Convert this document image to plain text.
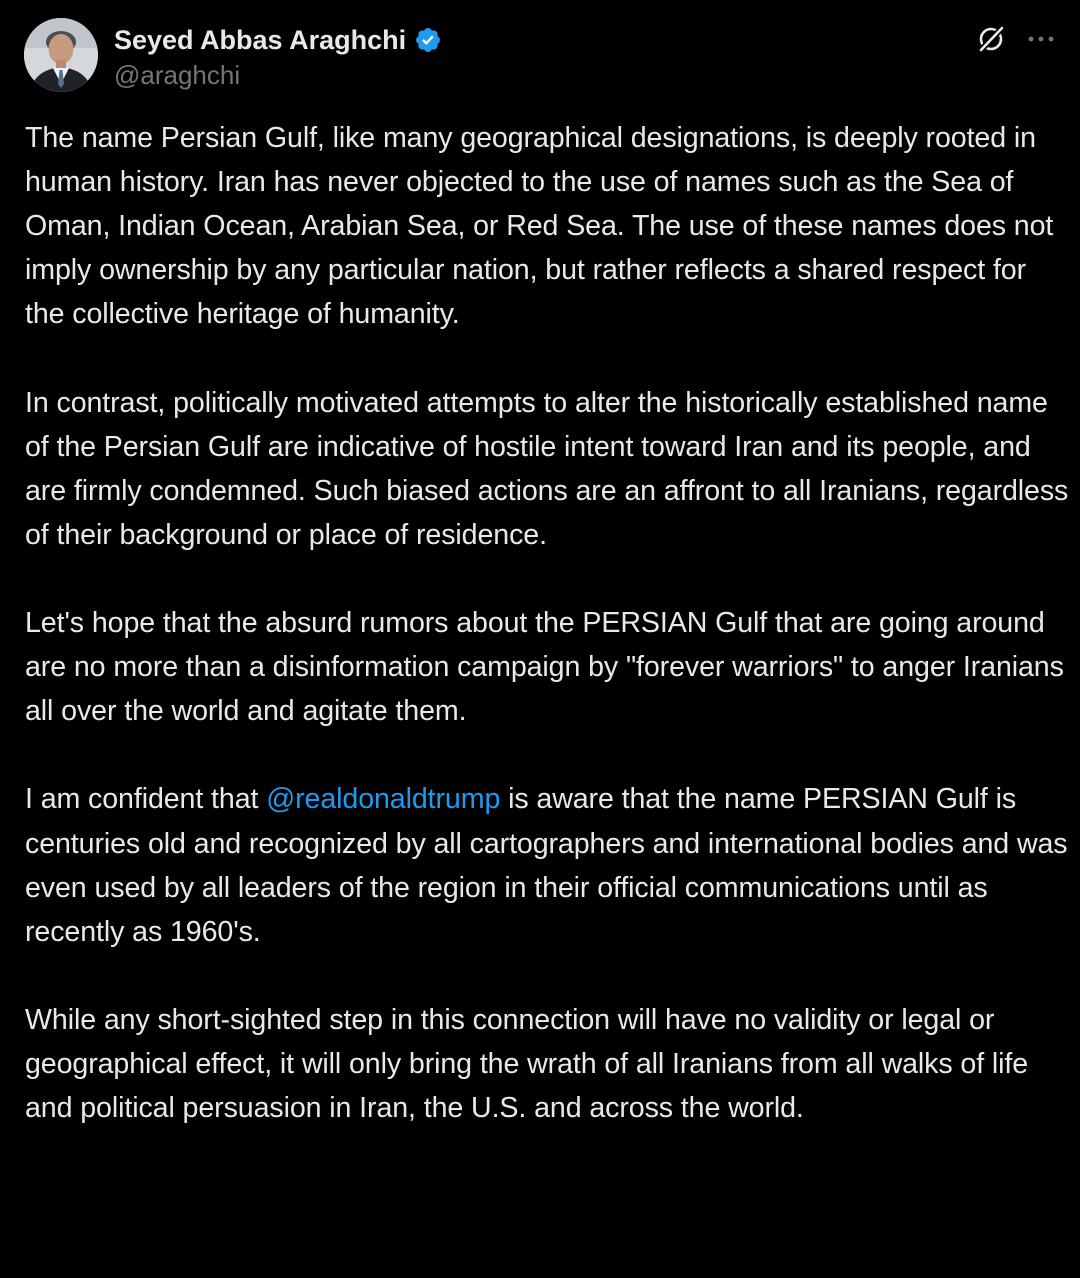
Seyed Abbas Araghchi
@araghchi

The name Persian Gulf, like many geographical designations, is deeply rooted in human history. Iran has never objected to the use of names such as the Sea of Oman, Indian Ocean, Arabian Sea, or Red Sea. The use of these names does not imply ownership by any particular nation, but rather reflects a shared respect for the collective heritage of humanity.

In contrast, politically motivated attempts to alter the historically established name of the Persian Gulf are indicative of hostile intent toward Iran and its people, and are firmly condemned. Such biased actions are an affront to all Iranians, regardless of their background or place of residence.

Let's hope that the absurd rumors about the PERSIAN Gulf that are going around are no more than a disinformation campaign by "forever warriors" to anger Iranians all over the world and agitate them.

I am confident that @realdonaldtrump is aware that the name PERSIAN Gulf is centuries old and recognized by all cartographers and international bodies and was even used by all leaders of the region in their official communications until as recently as 1960's.

While any short-sighted step in this connection will have no validity or legal or geographical effect, it will only bring the wrath of all Iranians from all walks of life and political persuasion in Iran, the U.S. and across the world.
